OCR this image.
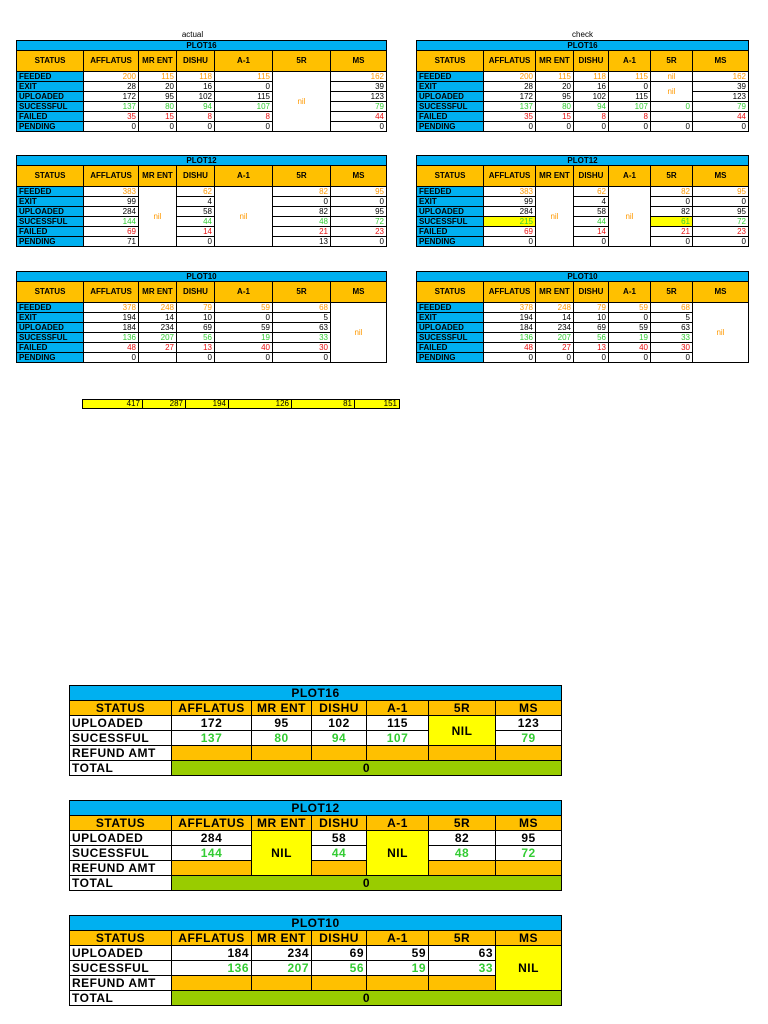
actual	check
PLOT16						
STATUS	AFFLATUS	MR ENT	DISHU	A-1	5R	MS
FEEDED	200	115	118	115	nil	162
EXIT	28	20	16	0		39
UPLOADED	172	95	102	115		123
SUCESSFUL	137	80	94	107		79
FAILED	35	15	8	8		44
PENDING	0	0	0	0		0
PLOT16						
STATUS	AFFLATUS	MR ENT	DISHU	A-1	5R	MS
FEEDED	200	115	118	115	nil	162
EXIT	28	20	16	0	nil	39
UPLOADED	172	95	102	115		123
SUCESSFUL	137	80	94	107	0	79
FAILED	35	15	8	8		44
PENDING	0	0	0	0	0	0
PLOT12						
STATUS	AFFLATUS	MR ENT	DISHU	A-1	5R	MS
FEEDED	383	nil	62	nil	82	95
EXIT	99		4		0	0
UPLOADED	284		58		82	95
SUCESSFUL	144		44		48	72
FAILED	69		14		21	23
PENDING	71		0		13	0
PLOT12						
STATUS	AFFLATUS	MR ENT	DISHU	A-1	5R	MS
FEEDED	383	nil	62	nil	82	95
EXIT	99		4		0	0
UPLOADED	284		58		82	95
SUCESSFUL	215		44		61	72
FAILED	69		14		21	23
PENDING	0		0		0	0
PLOT10						
STATUS	AFFLATUS	MR ENT	DISHU	A-1	5R	MS
FEEDED	378	248	79	59	68	nil
EXIT	194	14	10	0	5	
UPLOADED	184	234	69	59	63	
SUCESSFUL	136	207	56	19	33	
FAILED	48	27	13	40	30	
PENDING	0		0	0	0	
PLOT10						
STATUS	AFFLATUS	MR ENT	DISHU	A-1	5R	MS
FEEDED	378	248	79	59	68	nil
EXIT	194	14	10	0	5	
UPLOADED	184	234	69	59	63	
SUCESSFUL	136	207	56	19	33	
FAILED	48	27	13	40	30	
PENDING	0	0	0	0	0	
417	287	194	126	81	151
PLOT16						
STATUS	AFFLATUS	MR ENT	DISHU	A-1	5R	MS
UPLOADED	172	95	102	115	NIL	123
SUCESSFUL	137	80	94	107		79
REFUND AMT						
TOTAL	0					
PLOT12						
STATUS	AFFLATUS	MR ENT	DISHU	A-1	5R	MS
UPLOADED	284	NIL	58	NIL	82	95
SUCESSFUL	144		44		48	72
REFUND AMT						
TOTAL	0					
PLOT10						
STATUS	AFFLATUS	MR ENT	DISHU	A-1	5R	MS
UPLOADED	184	234	69	59	63	NIL
SUCESSFUL	136	207	56	19	33	
REFUND AMT						
TOTAL	0					
